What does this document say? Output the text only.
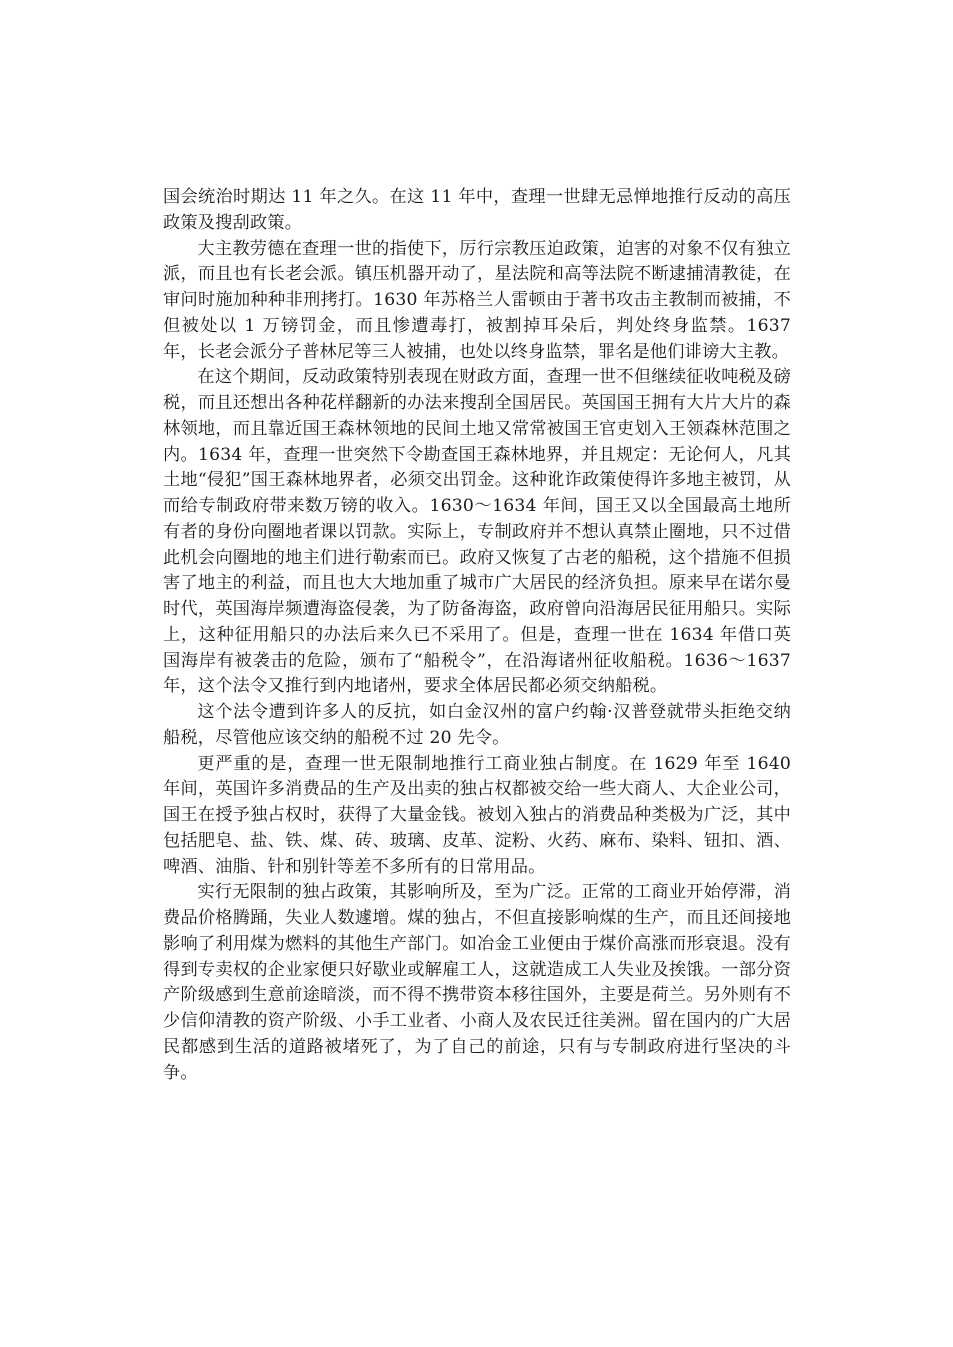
国会统治时期达 11 年之久。在这 11 年中，查理一世肆无忌惮地推行反动的高压政策及搜刮政策。

大主教劳德在查理一世的指使下，厉行宗教压迫政策，迫害的对象不仅有独立派，而且也有长老会派。镇压机器开动了，星法院和高等法院不断逮捕清教徒，在审问时施加种种非刑拷打。1630 年苏格兰人雷顿由于著书攻击主教制而被捕，不但被处以 1 万镑罚金，而且惨遭毒打，被割掉耳朵后，判处终身监禁。1637 年，长老会派分子普林尼等三人被捕，也处以终身监禁，罪名是他们诽谤大主教。

在这个期间，反动政策特别表现在财政方面，查理一世不但继续征收吨税及磅税，而且还想出各种花样翻新的办法来搜刮全国居民。英国国王拥有大片大片的森林领地，而且靠近国王森林领地的民间土地又常常被国王官吏划入王领森林范围之内。1634 年，查理一世突然下令勘查国王森林地界，并且规定：无论何人，凡其土地“侵犯”国王森林地界者，必须交出罚金。这种讹诈政策使得许多地主被罚，从而给专制政府带来数万镑的收入。1630～1634 年间，国王又以全国最高土地所有者的身份向圈地者课以罚款。实际上，专制政府并不想认真禁止圈地，只不过借此机会向圈地的地主们进行勒索而已。政府又恢复了古老的船税，这个措施不但损害了地主的利益，而且也大大地加重了城市广大居民的经济负担。原来早在诺尔曼时代，英国海岸频遭海盗侵袭，为了防备海盗，政府曾向沿海居民征用船只。实际上，这种征用船只的办法后来久已不采用了。但是，查理一世在 1634 年借口英国海岸有被袭击的危险，颁布了“船税令”，在沿海诸州征收船税。1636～1637 年，这个法令又推行到内地诸州，要求全体居民都必须交纳船税。

这个法令遭到许多人的反抗，如白金汉州的富户约翰·汉普登就带头拒绝交纳船税，尽管他应该交纳的船税不过 20 先令。

更严重的是，查理一世无限制地推行工商业独占制度。在 1629 年至 1640 年间，英国许多消费品的生产及出卖的独占权都被交给一些大商人、大企业公司，国王在授予独占权时，获得了大量金钱。被划入独占的消费品种类极为广泛，其中包括肥皂、盐、铁、煤、砖、玻璃、皮革、淀粉、火药、麻布、染料、钮扣、酒、啤酒、油脂、针和别针等差不多所有的日常用品。

实行无限制的独占政策，其影响所及，至为广泛。正常的工商业开始停滞，消费品价格腾踊，失业人数遽增。煤的独占，不但直接影响煤的生产，而且还间接地影响了利用煤为燃料的其他生产部门。如冶金工业便由于煤价高涨而形衰退。没有得到专卖权的企业家便只好歇业或解雇工人，这就造成工人失业及挨饿。一部分资产阶级感到生意前途暗淡，而不得不携带资本移往国外，主要是荷兰。另外则有不少信仰清教的资产阶级、小手工业者、小商人及农民迁往美洲。留在国内的广大居民都感到生活的道路被堵死了，为了自己的前途，只有与专制政府进行坚决的斗争。
